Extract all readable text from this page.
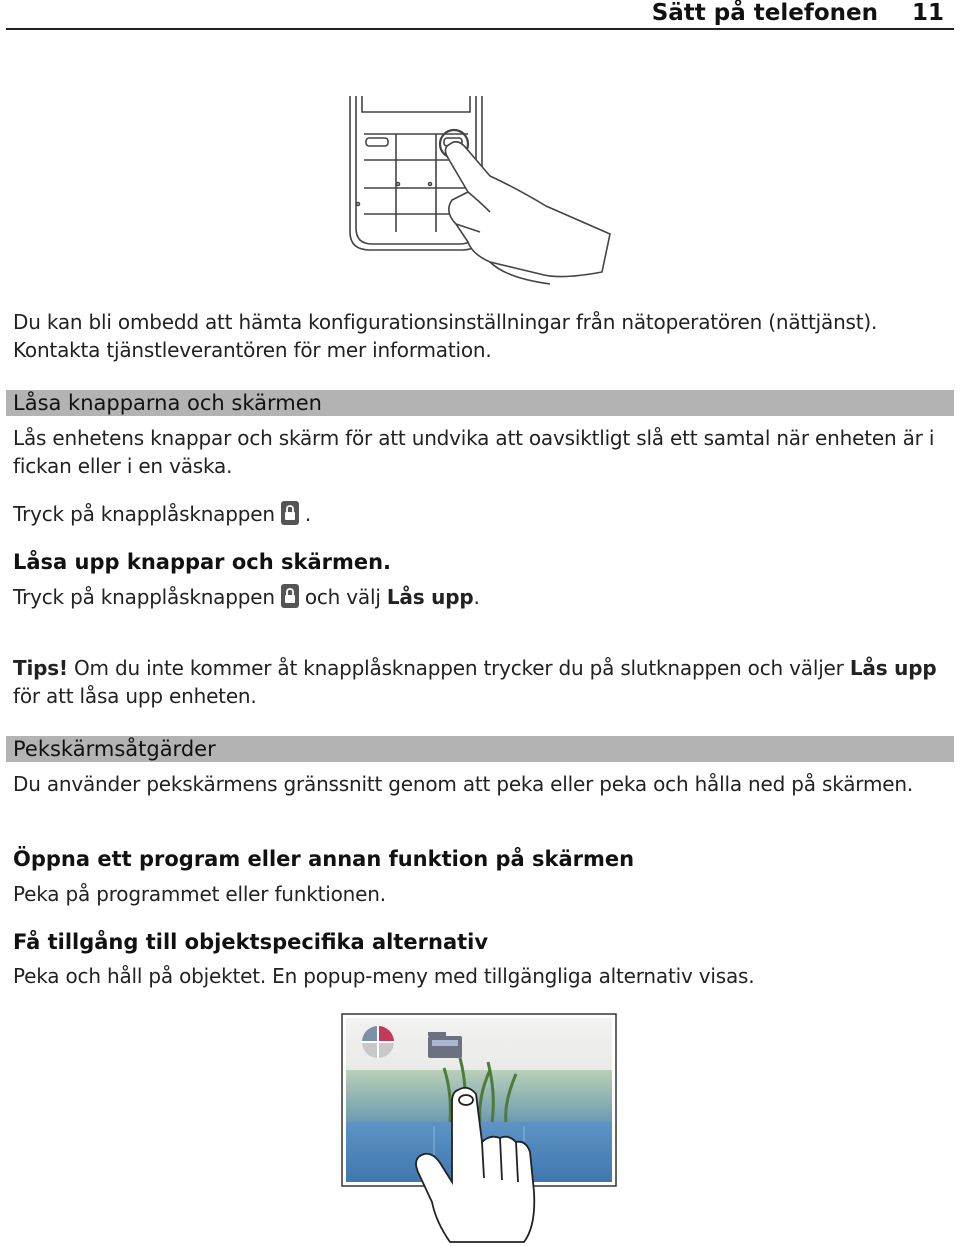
Sätt på telefonen 11
Du kan bli ombedd att hämta konfigurationsinställningar från nätoperatören (nättjänst). Kontakta tjänstleverantören för mer information.
Låsa knapparna och skärmen
Lås enhetens knappar och skärm för att undvika att oavsiktligt slå ett samtal när enheten är i fickan eller i en väska.
Tryck på knapplåsknappen .
Låsa upp knappar och skärmen.
Tryck på knapplåsknappen och välj Lås upp.
Tips! Om du inte kommer åt knapplåsknappen trycker du på slutknappen och väljer Lås upp för att låsa upp enheten.
Pekskärmsåtgärder
Du använder pekskärmens gränssnitt genom att peka eller peka och hålla ned på skärmen.
Öppna ett program eller annan funktion på skärmen
Peka på programmet eller funktionen.
Få tillgång till objektspecifika alternativ
Peka och håll på objektet. En popup-meny med tillgängliga alternativ visas.
